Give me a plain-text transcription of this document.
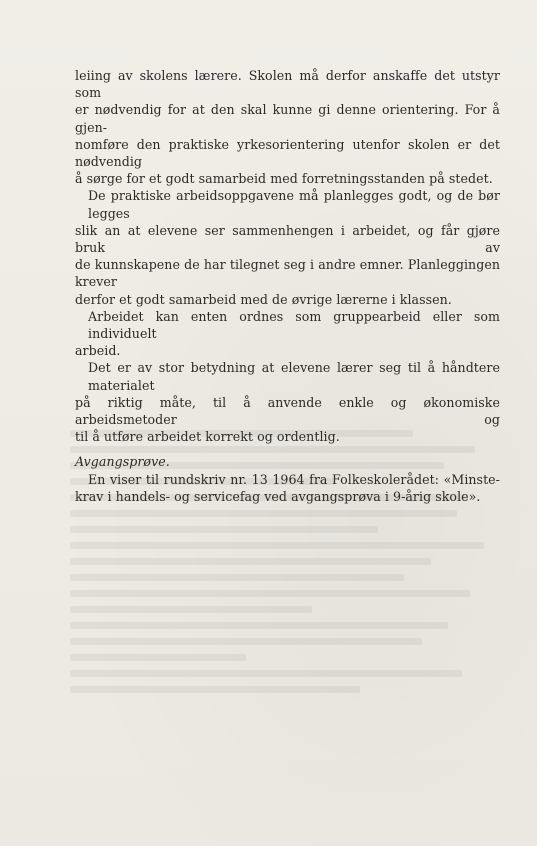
leiing av skolens lærere. Skolen må derfor anskaffe det utstyr som
er nødvendig for at den skal kunne gi denne orientering. For å gjen-
nomføre den praktiske yrkesorientering utenfor skolen er det nødvendig
å sørge for et godt samarbeid med forretningsstanden på stedet.

De praktiske arbeidsoppgavene må planlegges godt, og de bør legges
slik an at elevene ser sammenhengen i arbeidet, og får gjøre bruk av
de kunnskapene de har tilegnet seg i andre emner. Planleggingen krever
derfor et godt samarbeid med de øvrige lærerne i klassen.

Arbeidet kan enten ordnes som gruppearbeid eller som individuelt
arbeid.

Det er av stor betydning at elevene lærer seg til å håndtere materialet
på riktig måte, til å anvende enkle og økonomiske arbeidsmetoder og
til å utføre arbeidet korrekt og ordentlig.

Avgangsprøve.

En viser til rundskriv nr. 13 1964 fra Folkeskolerådet: «Minste-
krav i handels- og servicefag ved avgangsprøva i 9-årig skole».
